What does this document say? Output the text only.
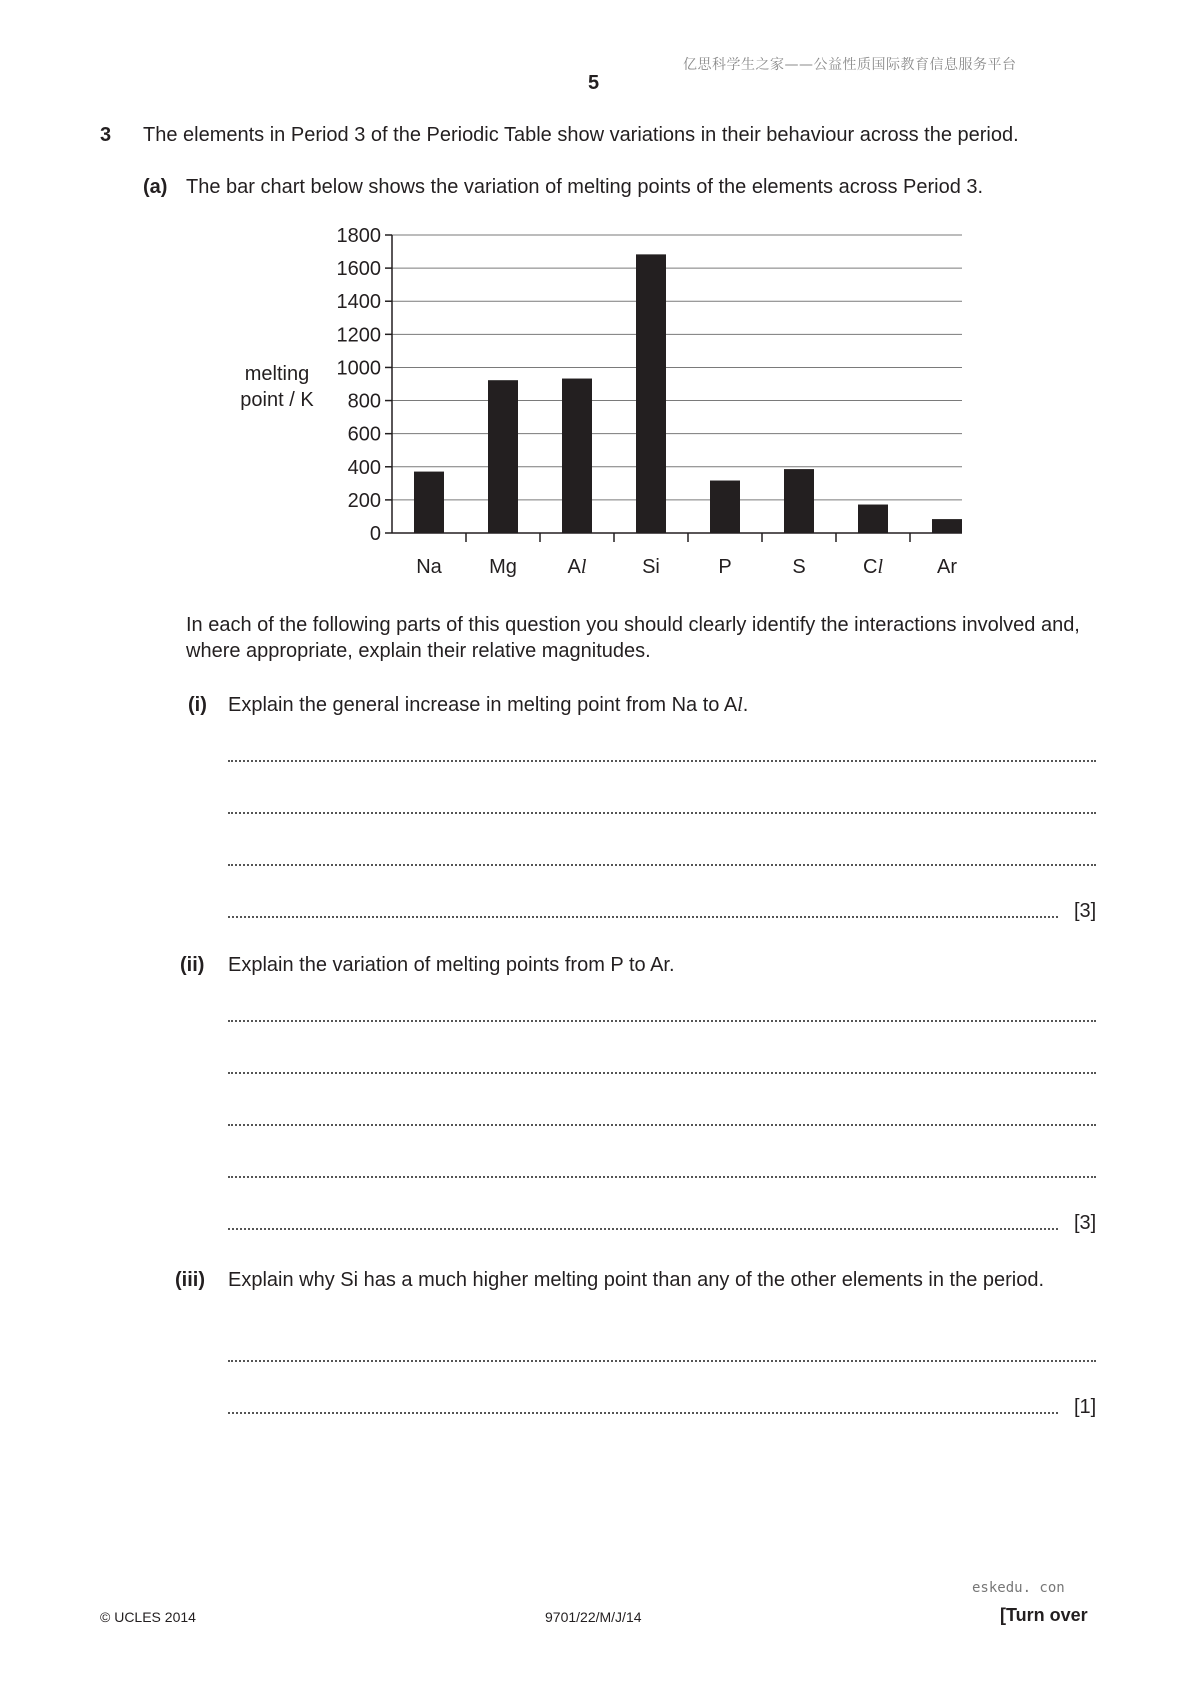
亿思科学生之家——公益性质国际教育信息服务平台
5
3 The elements in Period 3 of the Periodic Table show variations in their behaviour across the period.
(a) The bar chart below shows the variation of melting points of the elements across Period 3.
0
200
400
600
800
1000
1200
1400
1600
1800
Na Mg	Al	Si	P	S	Cl	Ar
melting
point / K
In each of the following parts of this question you should clearly identify the interactions involved and, where appropriate, explain their relative magnitudes.
(i) Explain the general increase in melting point from Na to Al.
[3]
(ii) Explain the variation of melting points from P to Ar.
[3]
(iii) Explain why Si has a much higher melting point than any of the other elements in the period.
[1]
eskedu. con
© UCLES 2014	9701/22/M/J/14	[Turn over
